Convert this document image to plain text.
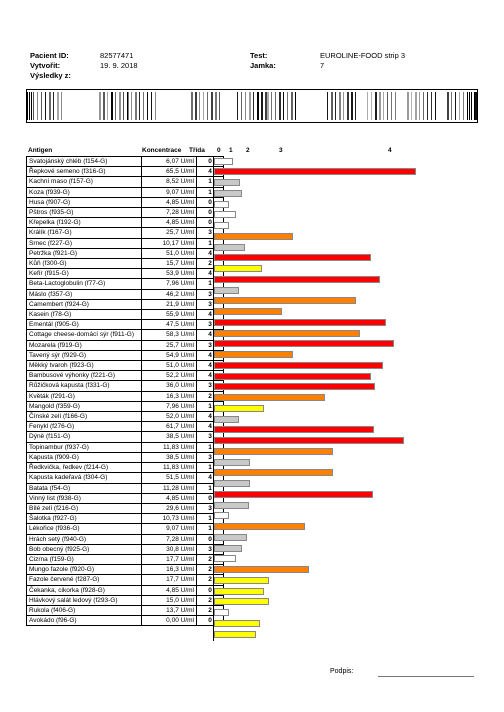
Pacient ID:	82577471
Vytvořit:	19. 9. 2018
Výsledky z:
Test:	EUROLINE-FOOD strip 3
Jamka:	7
Antigen	Koncentrace Třída 0 1 2	3	4
Svatojánský chléb (f154-G)	6,07 U/ml	0
Řepkové semeno (f316-G)	65,5 U/ml	4
Kachní maso (f157-G)	8,52 U/ml	1
Koza (f939-G)	9,07 U/ml	1
Husa (f907-G)	4,85 U/ml	0
Pštros (f935-G)	7,28 U/ml	0
Křepelka (f192-G)	4,85 U/ml	0
Králík (f167-G)	25,7 U/ml	3
Srnec (f227-G)	10,17 U/ml	1
Petržka (f921-G)	51,0 U/ml	4
Kůň (f300-G)	15,7 U/ml	2
Kefír (f915-G)	53,9 U/ml	4
Beta-Lactoglobulin (f77-G)	7,96 U/ml	1
Máslo (f357-G)	46,2 U/ml	3
Camembert (f924-G)	21,9 U/ml	3
Kasein (f78-G)	55,9 U/ml	4
Ementál (f905-G)	47,5 U/ml	3
Cottage cheese-domácí sýr (f911-G)	58,3 U/ml	4
Mozarela (f919-G)	25,7 U/ml	3
Tavený sýr (f929-G)	54,9 U/ml	4
Měkký tvaroh (f923-G)	51,0 U/ml	4
Bambusové výhonky (f221-G)	52,2 U/ml	4
Růžičková kapusta (f331-G)	36,0 U/ml	3
Květák (f291-G)	16,3 U/ml	2
Mangold (f359-G)	7,96 U/ml	1
Čínské zelí (f166-G)	52,0 U/ml	4
Fenykl (f276-G)	61,7 U/ml	4
Dýně (f151-G)	38,5 U/ml	3
Topinambur (f937-G)	11,83 U/ml	1
Kapusta (f909-G)	38,5 U/ml	3
Ředkvička, ředkev (f214-G)	11,83 U/ml	1
Kapusta kadeřavá (f304-G)	51,5 U/ml	4
Batata (f54-G)	11,28 U/ml	1
Vinný list (f938-G)	4,85 U/ml	0
Bílé zelí (f216-G)	29,6 U/ml	3
Šalotka (f927-G)	10,73 U/ml	1
Lékořice (f936-G)	9,07 U/ml	1
Hrách setý (f940-G)	7,28 U/ml	0
Bob obecný (f925-G)	30,8 U/ml	3
Cizrna (f159-G)	17,7 U/ml	2
Mungo fazole (f920-G)	16,3 U/ml	2
Fazole červené (f287-G)	17,7 U/ml	2
Čekanka, cikorka (f928-G)	4,85 U/ml	0
Hlávkový salát ledový (f293-G)	15,0 U/ml	2
Rukola (f406-G)	13,7 U/ml	2
Avokádo (f96-G)	0,00 U/ml	0
Podpis:
